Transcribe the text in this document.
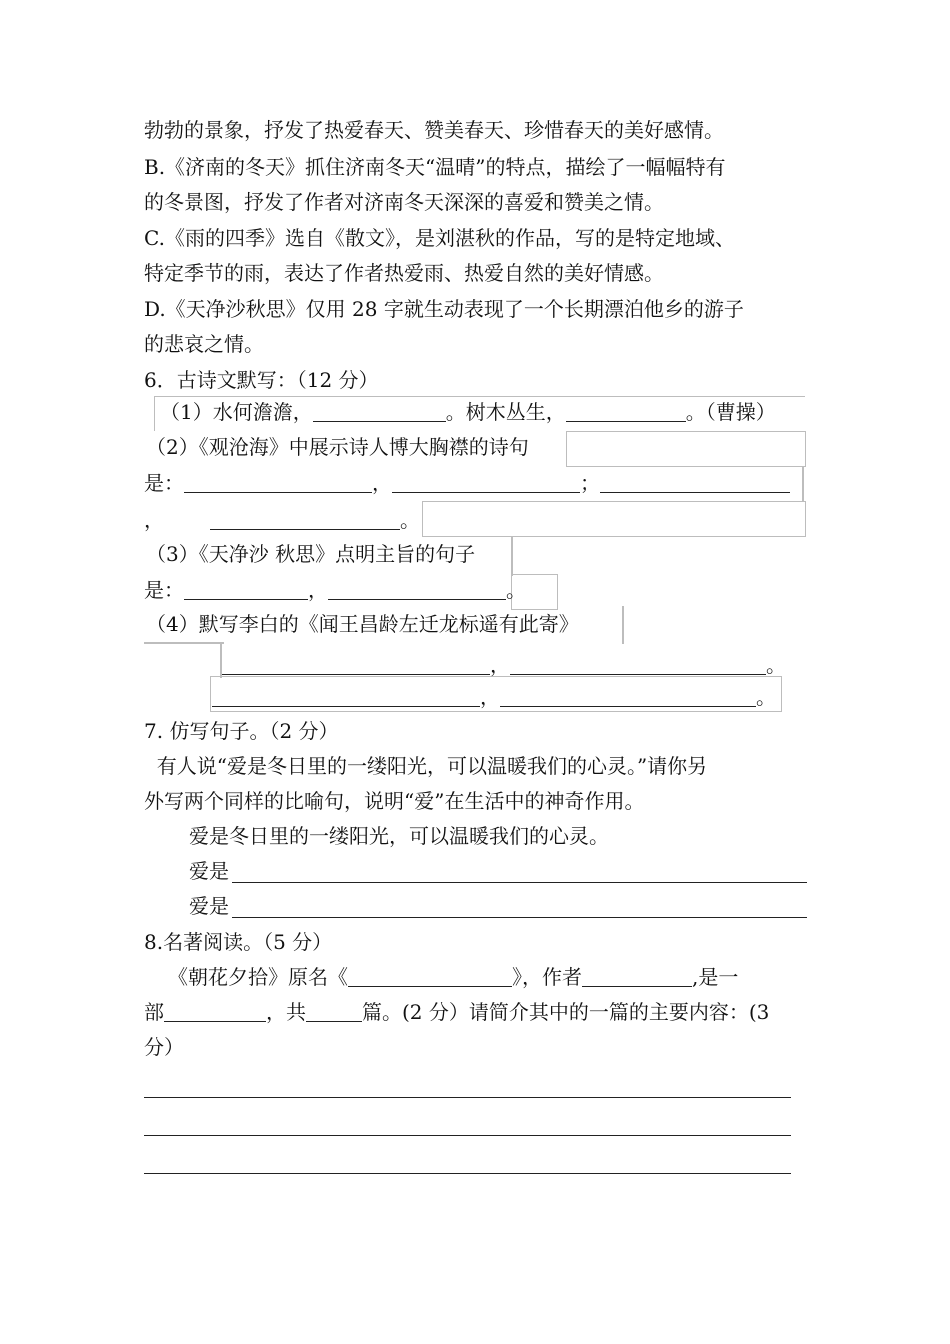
勃勃的景象，抒发了热爱春天、赞美春天、珍惜春天的美好感情。
B.《济南的冬天》抓住济南冬天“温晴”的特点，描绘了一幅幅特有
的冬景图，抒发了作者对济南冬天深深的喜爱和赞美之情。
C.《雨的四季》选自《散文》，是刘湛秋的作品，写的是特定地域、
特定季节的雨，表达了作者热爱雨、热爱自然的美好情感。
D.《天净沙秋思》仅用 28 字就生动表现了一个长期漂泊他乡的游子
的悲哀之情。
6．古诗文默写：（12 分）
（1）水何澹澹，	。树木丛生，	。（曹操）
（2）《观沧海》中展示诗人博大胸襟的诗句
是：	，	；
，	。
（3）《天净沙 秋思》点明主旨的句子
是：	，	。
（4）默写李白的《闻王昌龄左迁龙标遥有此寄》
，	。
，	。
7. 仿写句子。（2 分）
有人说“爱是冬日里的一缕阳光，可以温暖我们的心灵。”请你另
外写两个同样的比喻句，说明“爱”在生活中的神奇作用。
爱是冬日里的一缕阳光，可以温暖我们的心灵。
爱是
爱是
8.名著阅读。（5 分）
《朝花夕拾》原名《	》，作者	,是一
部	，共	篇。(2 分）请简介其中的一篇的主要内容：(3
分）
